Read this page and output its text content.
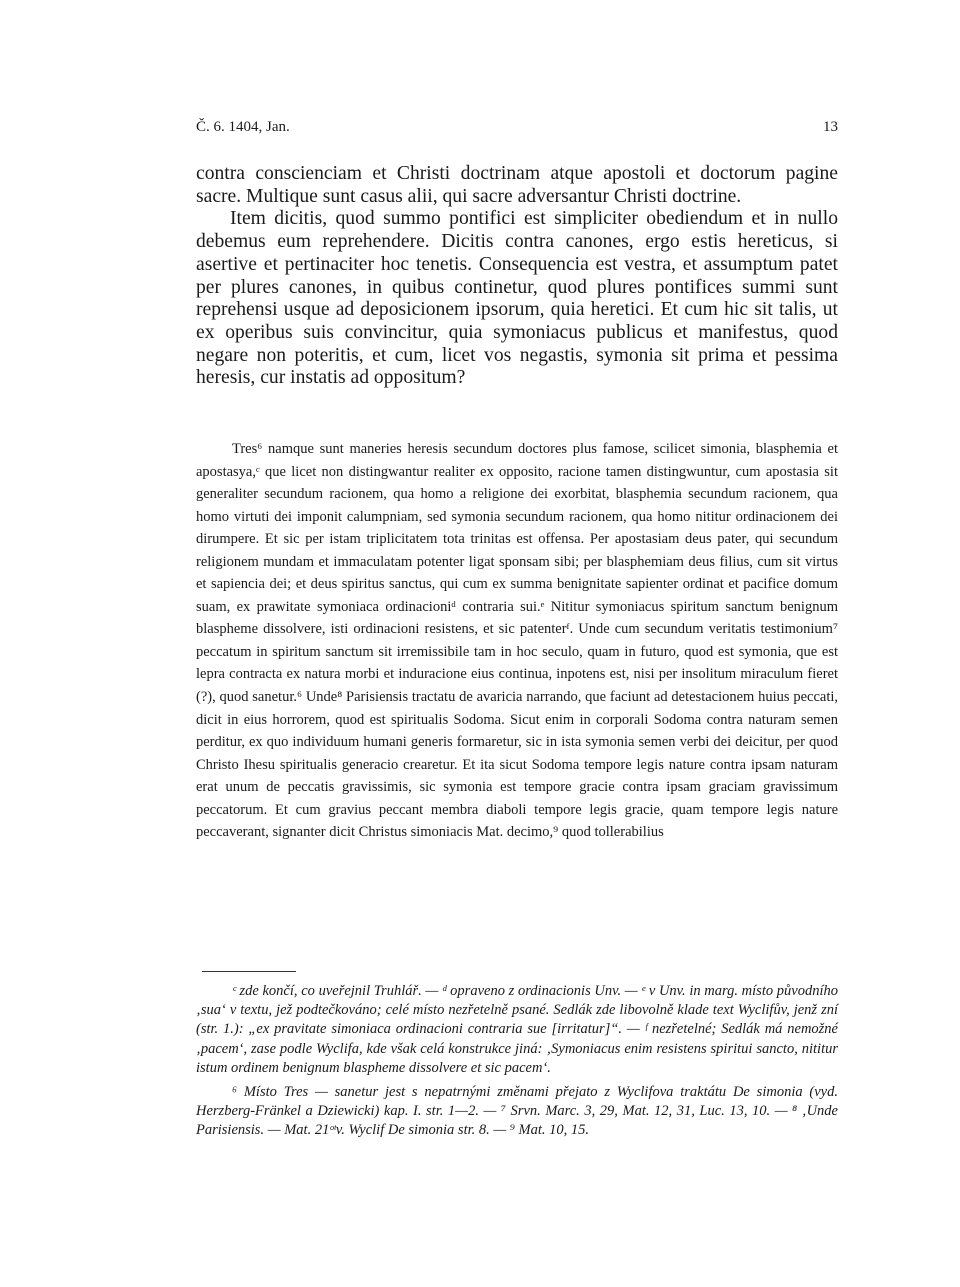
Č. 6. 1404, Jan.	13

contra conscienciam et Christi doctrinam atque apostoli et doctorum pagine sacre. Multique sunt casus alii, qui sacre adversantur Christi doctrine.

Item dicitis, quod summo pontifici est simpliciter obediendum et in nullo debemus eum reprehendere. Dicitis contra canones, ergo estis hereticus, si asertive et pertinaciter hoc tenetis. Consequencia est vestra, et assumptum patet per plures canones, in quibus continetur, quod plures pontifices summi sunt reprehensi usque ad deposicionem ipsorum, quia heretici. Et cum hic sit talis, ut ex operibus suis convincitur, quia symoniacus publicus et manifestus, quod negare non poteritis, et cum, licet vos negastis, symonia sit prima et pessima heresis, cur instatis ad oppositum?

Tres⁶ namque sunt maneries heresis secundum doctores plus famose, scilicet simonia, blasphemia et apostasya,ᶜ que licet non distingwantur realiter ex opposito, racione tamen distingwuntur, cum apostasia sit generaliter secundum racionem, qua homo a religione dei exorbitat, blasphemia secundum racionem, qua homo virtuti dei imponit calumpniam, sed symonia secundum racionem, qua homo nititur ordinacionem dei dirumpere. Et sic per istam triplicitatem tota trinitas est offensa. Per apostasiam deus pater, qui secundum religionem mundam et immaculatam potenter ligat sponsam sibi; per blasphemiam deus filius, cum sit virtus et sapiencia dei; et deus spiritus sanctus, qui cum ex summa benignitate sapienter ordinat et pacifice domum suam, ex prawitate symoniaca ordinacioniᵈ contraria sui.ᵉ Nititur symoniacus spiritum sanctum benignum blaspheme dissolvere, isti ordinacioni resistens, et sic patenterᶠ. Unde cum secundum veritatis testimonium⁷ peccatum in spiritum sanctum sit irremissibile tam in hoc seculo, quam in futuro, quod est symonia, que est lepra contracta ex natura morbi et induracione eius continua, inpotens est, nisi per insolitum miraculum fieret (?), quod sanetur.⁶ Unde⁸ Parisiensis tractatu de avaricia narrando, que faciunt ad detestacionem huius peccati, dicit in eius horrorem, quod est spiritualis Sodoma. Sicut enim in corporali Sodoma contra naturam semen perditur, ex quo individuum humani generis formaretur, sic in ista symonia semen verbi dei deicitur, per quod Christo Ihesu spiritualis generacio crearetur. Et ita sicut Sodoma tempore legis nature contra ipsam naturam erat unum de peccatis gravissimis, sic symonia est tempore gracie contra ipsam graciam gravissimum peccatorum. Et cum gravius peccant membra diaboli tempore legis gracie, quam tempore legis nature peccaverant, signanter dicit Christus simoniacis Mat. decimo,⁹ quod tollerabilius

ᶜ zde končí, co uveřejnil Truhlář. — ᵈ opraveno z ordinacionis Unv. — ᵉ v Unv. in marg. místo původního ‚sua‘ v textu, jež podtečkováno; celé místo nezřetelně psané. Sedlák zde libovolně klade text Wyclifův, jenž zní (str. 1.): „ex pravitate simoniaca ordinacioni contraria sue [irritatur]“. — ᶠ nezřetelné; Sedlák má nemožné ‚pacem‘, zase podle Wyclifa, kde však celá konstrukce jiná: ‚Symoniacus enim resistens spiritui sancto, nititur istum ordinem benignum blaspheme dissolvere et sic pacem‘.

⁶ Místo Tres — sanetur jest s nepatrnými změnami přejato z Wyclifova traktátu De simonia (vyd. Herzberg-Fränkel a Dziewicki) kap. I. str. 1—2. — ⁷ Srvn. Marc. 3, 29, Mat. 12, 31, Luc. 13, 10. — ⁸ ‚Unde Parisiensis. — Mat. 21ᵒᵗv. Wyclif De simonia str. 8. — ⁹ Mat. 10, 15.
